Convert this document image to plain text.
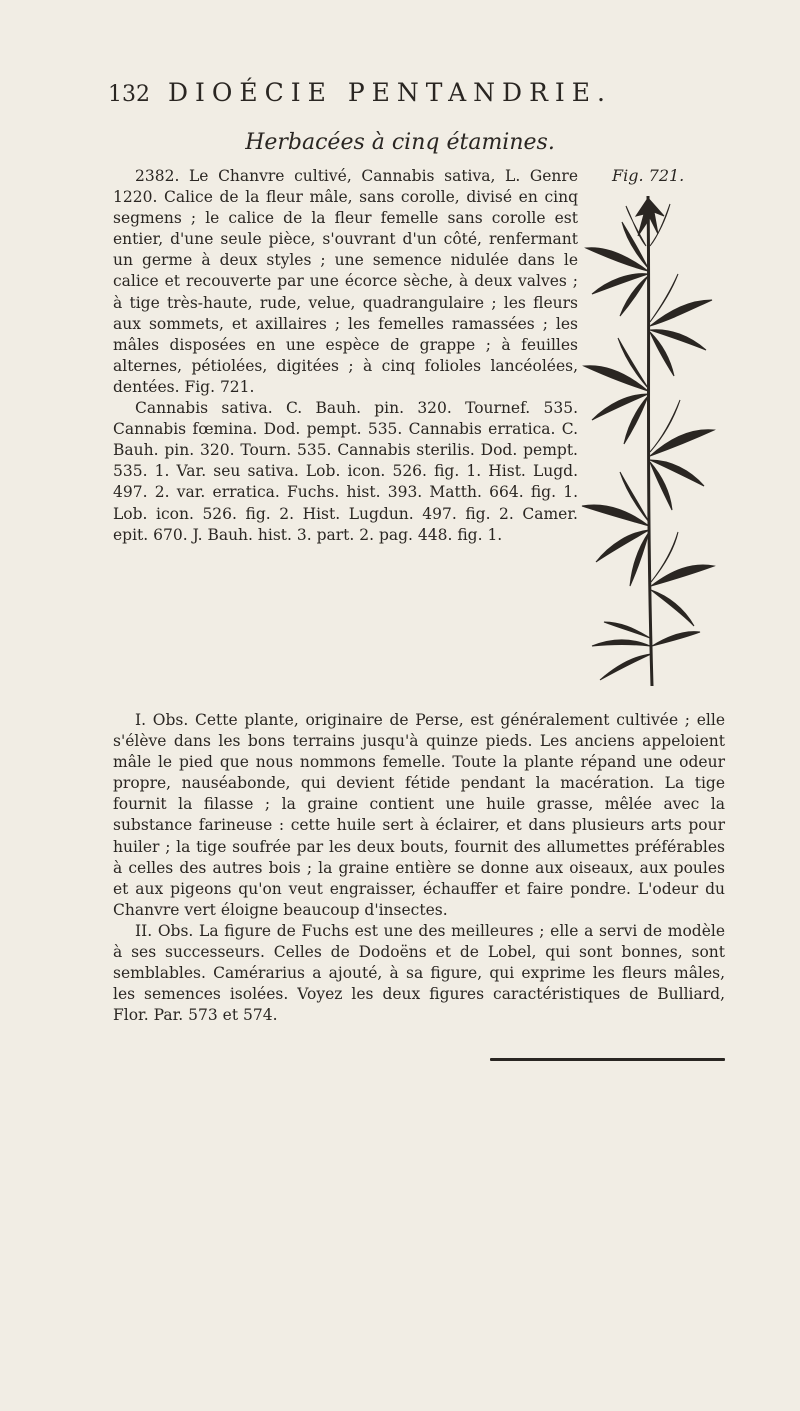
132 DIOÉCIE PENTANDRIE.
Herbacées à cinq étamines.
Fig. 721.

2382. Le Chanvre cultivé, Cannabis sativa, L. Genre 1220. Calice de la fleur mâle, sans corolle, divisé en cinq segmens ; le calice de la fleur femelle sans corolle est entier, d'une seule pièce, s'ouvrant d'un côté, renfermant un germe à deux styles ; une semence nidulée dans le calice et recouverte par une écorce sèche, à deux valves ; à tige très-haute, rude, velue, quadrangulaire ; les fleurs aux sommets, et axillaires ; les femelles ramassées ; les mâles disposées en une espèce de grappe ; à feuilles alternes, pétiolées, digitées ; à cinq folioles lancéolées, dentées. Fig. 721.

Cannabis sativa. C. Bauh. pin. 320. Tournef. 535. Cannabis fœmina. Dod. pempt. 535. Cannabis erratica. C. Bauh. pin. 320. Tourn. 535. Cannabis sterilis. Dod. pempt. 535. 1. Var. seu sativa. Lob. icon. 526. fig. 1. Hist. Lugd. 497. 2. var. erratica. Fuchs. hist. 393. Matth. 664. fig. 1. Lob. icon. 526. fig. 2. Hist. Lugdun. 497. fig. 2. Camer. epit. 670. J. Bauh. hist. 3. part. 2. pag. 448. fig. 1.

I. Obs. Cette plante, originaire de Perse, est généralement cultivée ; elle s'élève dans les bons terrains jusqu'à quinze pieds. Les anciens appeloient mâle le pied que nous nommons femelle. Toute la plante répand une odeur propre, nauséabonde, qui devient fétide pendant la macération. La tige fournit la filasse ; la graine contient une huile grasse, mêlée avec la substance farineuse : cette huile sert à éclairer, et dans plusieurs arts pour huiler ; la tige soufrée par les deux bouts, fournit des allumettes préférables à celles des autres bois ; la graine entière se donne aux oiseaux, aux poules et aux pigeons qu'on veut engraisser, échauffer et faire pondre. L'odeur du Chanvre vert éloigne beaucoup d'insectes.

II. Obs. La figure de Fuchs est une des meilleures ; elle a servi de modèle à ses successeurs. Celles de Dodoëns et de Lobel, qui sont bonnes, sont semblables. Camérarius a ajouté, à sa figure, qui exprime les fleurs mâles, les semences isolées. Voyez les deux figures caractéristiques de Bulliard, Flor. Par. 573 et 574.
